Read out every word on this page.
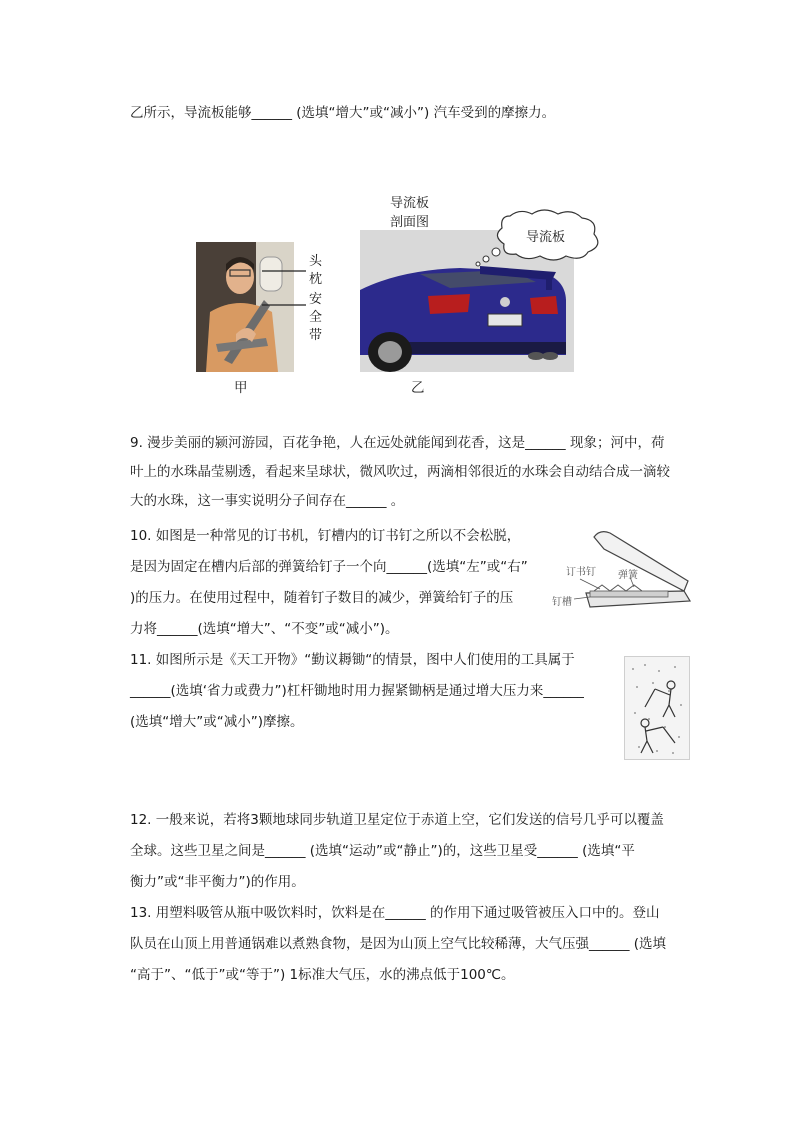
乙所示，导流板能够______ (选填“增大”或“减小”) 汽车受到的摩擦力。
头
枕
安
全
带
甲
导流板
剖面图
导流板
乙
9. 漫步美丽的颍河游园，百花争艳，人在远处就能闻到花香，这是______ 现象；河中，荷
叶上的水珠晶莹剔透，看起来呈球状，微风吹过，两滴相邻很近的水珠会自动结合成一滴较
大的水珠，这一事实说明分子间存在______ 。
10. 如图是一种常见的订书机，钉槽内的订书钉之所以不会松脱，
是因为固定在槽内后部的弹簧给钉子一个向______(选填“左”或“右”
)的压力。在使用过程中，随着钉子数目的减少，弹簧给钉子的压
力将______(选填“增大”、“不变”或“减小”)。
订书钉 弹簧
钉槽
11. 如图所示是《天工开物》“勤议耨锄“的情景，图中人们使用的工具属于
______(选填‘省力或费力”)杠杆锄地时用力握紧锄柄是通过增大压力来______
(选填“增大”或“减小”)摩擦。
12. 一般来说，若将3颗地球同步轨道卫星定位于赤道上空，它们发送的信号几乎可以覆盖
全球。这些卫星之间是______ (选填“运动”或“静止”)的，这些卫星受______ (选填“平
衡力”或“非平衡力”)的作用。
13. 用塑料吸管从瓶中吸饮料时，饮料是在______ 的作用下通过吸管被压入口中的。登山
队员在山顶上用普通锅难以煮熟食物，是因为山顶上空气比较稀薄，大气压强______ (选填
“高于”、“低于”或“等于”) 1标准大气压，水的沸点低于100℃。
